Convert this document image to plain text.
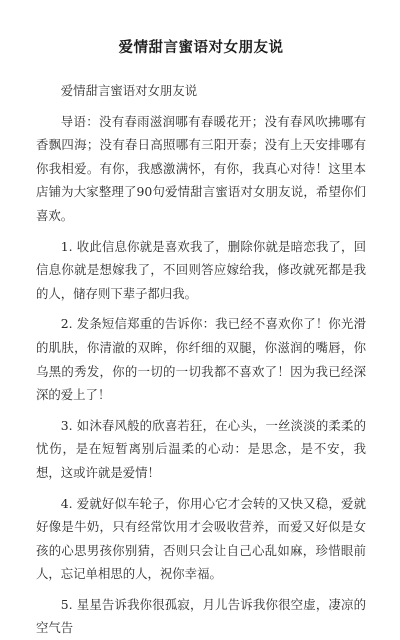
爱情甜言蜜语对女朋友说

爱情甜言蜜语对女朋友说

导语：没有春雨滋润哪有春暖花开；没有春风吹拂哪有香飘四海；没有春日高照哪有三阳开泰；没有上天安排哪有你我相爱。有你，我感激满怀，有你，我真心对待！这里本店铺为大家整理了90句爱情甜言蜜语对女朋友说，希望你们喜欢。

1. 收此信息你就是喜欢我了，删除你就是暗恋我了，回信息你就是想嫁我了，不回则答应嫁给我，修改就死都是我的人，储存则下辈子都归我。

2. 发条短信郑重的告诉你：我已经不喜欢你了！你光滑的肌肤，你清澈的双眸，你纤细的双腿，你滋润的嘴唇，你乌黑的秀发，你的一切的一切我都不喜欢了！因为我已经深深的爱上了！

3. 如沐春风般的欣喜若狂，在心头，一丝淡淡的柔柔的忧伤，是在短暂离别后温柔的心动：是思念，是不安，我想，这或许就是爱情！

4. 爱就好似车轮子，你用心它才会转的又快又稳，爱就好像是牛奶，只有经常饮用才会吸收营养，而爱又好似是女孩的心思男孩你别猜，否则只会让自己心乱如麻，珍惜眼前人，忘记单相思的人，祝你幸福。

5. 星星告诉我你很孤寂，月儿告诉我你很空虚，凄凉的空气告
